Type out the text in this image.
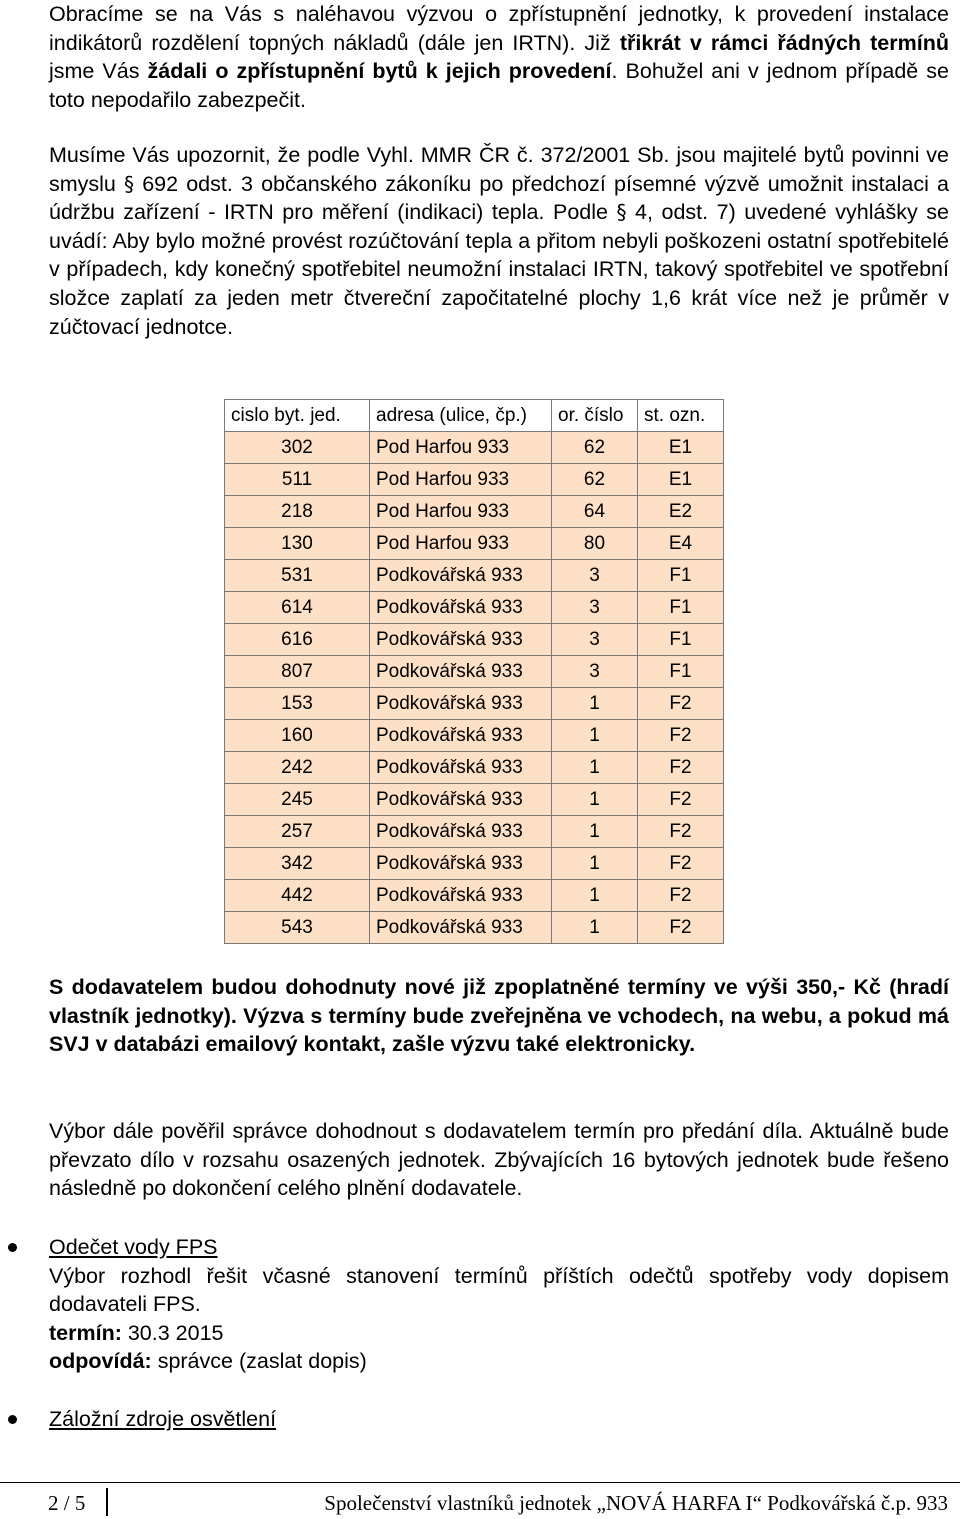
Obracíme se na Vás s naléhavou výzvou o zpřístupnění jednotky, k provedení instalace indikátorů rozdělení topných nákladů (dále jen IRTN). Již třikrát v rámci řádných termínů jsme Vás žádali o zpřístupnění bytů k jejich provedení. Bohužel ani v jednom případě se toto nepodařilo zabezpečit.
Musíme Vás upozornit, že podle Vyhl. MMR ČR č. 372/2001 Sb. jsou majitelé bytů povinni ve smyslu § 692 odst. 3 občanského zákoníku po předchozí písemné výzvě umožnit instalaci a údržbu zařízení - IRTN pro měření (indikaci) tepla. Podle § 4, odst. 7) uvedené vyhlášky se uvádí: Aby bylo možné provést rozúčtování tepla a přitom nebyli poškozeni ostatní spotřebitelé v případech, kdy konečný spotřebitel neumožní instalaci IRTN, takový spotřebitel ve spotřební složce zaplatí za jeden metr čtvereční započitatelné plochy 1,6 krát více než je průměr v zúčtovací jednotce.
cislo byt. jed.	adresa (ulice, čp.)	or. číslo	st. ozn.
302	Pod Harfou 933	62	E1
511	Pod Harfou 933	62	E1
218	Pod Harfou 933	64	E2
130	Pod Harfou 933	80	E4
531	Podkovářská 933	3	F1
614	Podkovářská 933	3	F1
616	Podkovářská 933	3	F1
807	Podkovářská 933	3	F1
153	Podkovářská 933	1	F2
160	Podkovářská 933	1	F2
242	Podkovářská 933	1	F2
245	Podkovářská 933	1	F2
257	Podkovářská 933	1	F2
342	Podkovářská 933	1	F2
442	Podkovářská 933	1	F2
543	Podkovářská 933	1	F2
S dodavatelem budou dohodnuty nové již zpoplatněné termíny ve výši 350,- Kč (hradí vlastník jednotky). Výzva s termíny bude zveřejněna ve vchodech, na webu, a pokud má SVJ v databázi emailový kontakt, zašle výzvu také elektronicky.
Výbor dále pověřil správce dohodnout s dodavatelem termín pro předání díla. Aktuálně bude převzato dílo v rozsahu osazených jednotek. Zbývajících 16 bytových jednotek bude řešeno následně po dokončení celého plnění dodavatele.
Odečet vody FPS
Výbor rozhodl řešit včasné stanovení termínů příštích odečtů spotřeby vody dopisem dodavateli FPS.
termín: 30.3 2015
odpovídá: správce (zaslat dopis)
Záložní zdroje osvětlení
2 / 5	Společenství vlastníků jednotek „NOVÁ HARFA I“ Podkovářská č.p. 933
